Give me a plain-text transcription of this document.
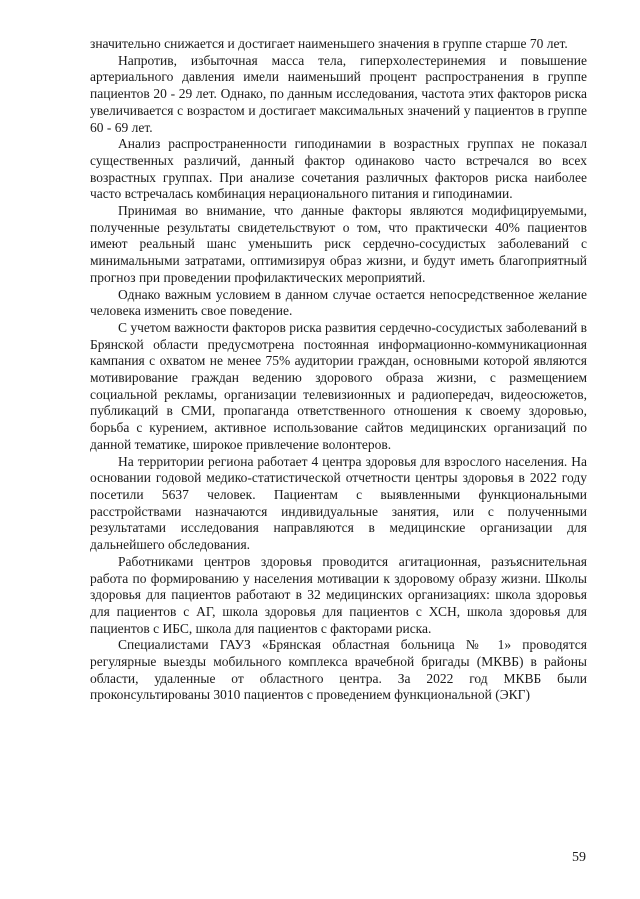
значительно снижается и достигает наименьшего значения в группе старше 70 лет.

Напротив, избыточная масса тела, гиперхолестеринемия и повышение артериального давления имели наименьший процент распространения в группе пациентов 20 - 29 лет. Однако, по данным исследования, частота этих факторов риска увеличивается с возрастом и достигает максимальных значений у пациентов в группе 60 - 69 лет.

Анализ распространенности гиподинамии в возрастных группах не показал существенных различий, данный фактор одинаково часто встречался во всех возрастных группах. При анализе сочетания различных факторов риска наиболее часто встречалась комбинация нерационального питания и гиподинамии.

Принимая во внимание, что данные факторы являются модифицируемыми, полученные результаты свидетельствуют о том, что практически 40% пациентов имеют реальный шанс уменьшить риск сердечно-сосудистых заболеваний с минимальными затратами, оптимизируя образ жизни, и будут иметь благоприятный прогноз при проведении профилактических мероприятий.

Однако важным условием в данном случае остается непосредственное желание человека изменить свое поведение.

С учетом важности факторов риска развития сердечно-сосудистых заболеваний в Брянской области предусмотрена постоянная информационно-коммуникационная кампания с охватом не менее 75% аудитории граждан, основными которой являются мотивирование граждан ведению здорового образа жизни, с размещением социальной рекламы, организации телевизионных и радиопередач, видеосюжетов, публикаций в СМИ, пропаганда ответственного отношения к своему здоровью, борьба с курением, активное использование сайтов медицинских организаций по данной тематике, широкое привлечение волонтеров.

На территории региона работает 4 центра здоровья для взрослого населения. На основании годовой медико-статистической отчетности центры здоровья в 2022 году посетили 5637 человек. Пациентам с выявленными функциональными расстройствами назначаются индивидуальные занятия, или с полученными результатами исследования направляются в медицинские организации для дальнейшего обследования.

Работниками центров здоровья проводится агитационная, разъяснительная работа по формированию у населения мотивации к здоровому образу жизни. Школы здоровья для пациентов работают в 32 медицинских организациях: школа здоровья для пациентов с АГ, школа здоровья для пациентов с ХСН, школа здоровья для пациентов с ИБС, школа для пациентов с факторами риска.

Специалистами ГАУЗ «Брянская областная больница № 1» проводятся регулярные выезды мобильного комплекса врачебной бригады (МКВБ) в районы области, удаленные от областного центра. За 2022 год МКВБ были проконсультированы 3010 пациентов с проведением функциональной (ЭКГ)

59
